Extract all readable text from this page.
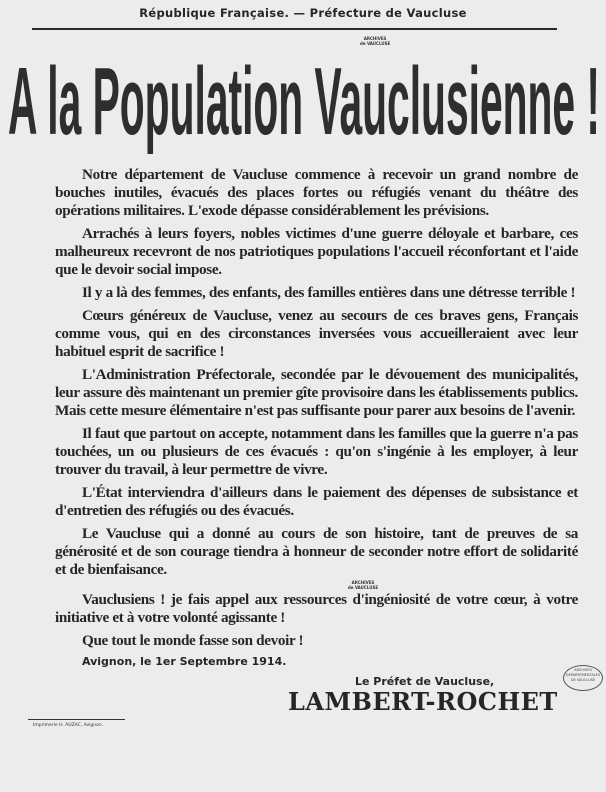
République Française. — Préfecture de Vaucluse
ARCHIVES
de VAUCLUSE
A la Population Vauclusienne !

Notre département de Vaucluse commence à recevoir un grand nombre de bouches inutiles, évacués des places fortes ou réfugiés venant du théâtre des opérations militaires. L'exode dépasse considérablement les prévisions.

Arrachés à leurs foyers, nobles victimes d'une guerre déloyale et barbare, ces malheureux recevront de nos patriotiques populations l'accueil réconfortant et l'aide que le devoir social impose.

Il y a là des femmes, des enfants, des familles entières dans une détresse terrible !

Cœurs généreux de Vaucluse, venez au secours de ces braves gens, Français comme vous, qui en des circonstances inversées vous accueilleraient avec leur habituel esprit de sacrifice !

L'Administration Préfectorale, secondée par le dévouement des municipalités, leur assure dès maintenant un premier gîte provisoire dans les établissements publics. Mais cette mesure élémentaire n'est pas suffisante pour parer aux besoins de l'avenir.

Il faut que partout on accepte, notamment dans les familles que la guerre n'a pas touchées, un ou plusieurs de ces évacués : qu'on s'ingénie à les employer, à leur trouver du travail, à leur permettre de vivre.

L'État interviendra d'ailleurs dans le paiement des dépenses de subsistance et d'entretien des réfugiés ou des évacués.

Le Vaucluse qui a donné au cours de son histoire, tant de preuves de sa générosité et de son courage tiendra à honneur de seconder notre effort de solidarité et de bienfaisance.

ARCHIVES
de VAUCLUSE

Vauclusiens ! je fais appel aux ressources d'ingéniosité de votre cœur, à votre initiative et à votre volonté agissante !

Que tout le monde fasse son devoir !

Avignon, le 1er Septembre 1914.
Le Préfet de Vaucluse,
LAMBERT-ROCHET
ARCHIVES
DEPARTEMENTALES
DE VAUCLUSE
Imprimerie H. AUZAC, Avignon.
